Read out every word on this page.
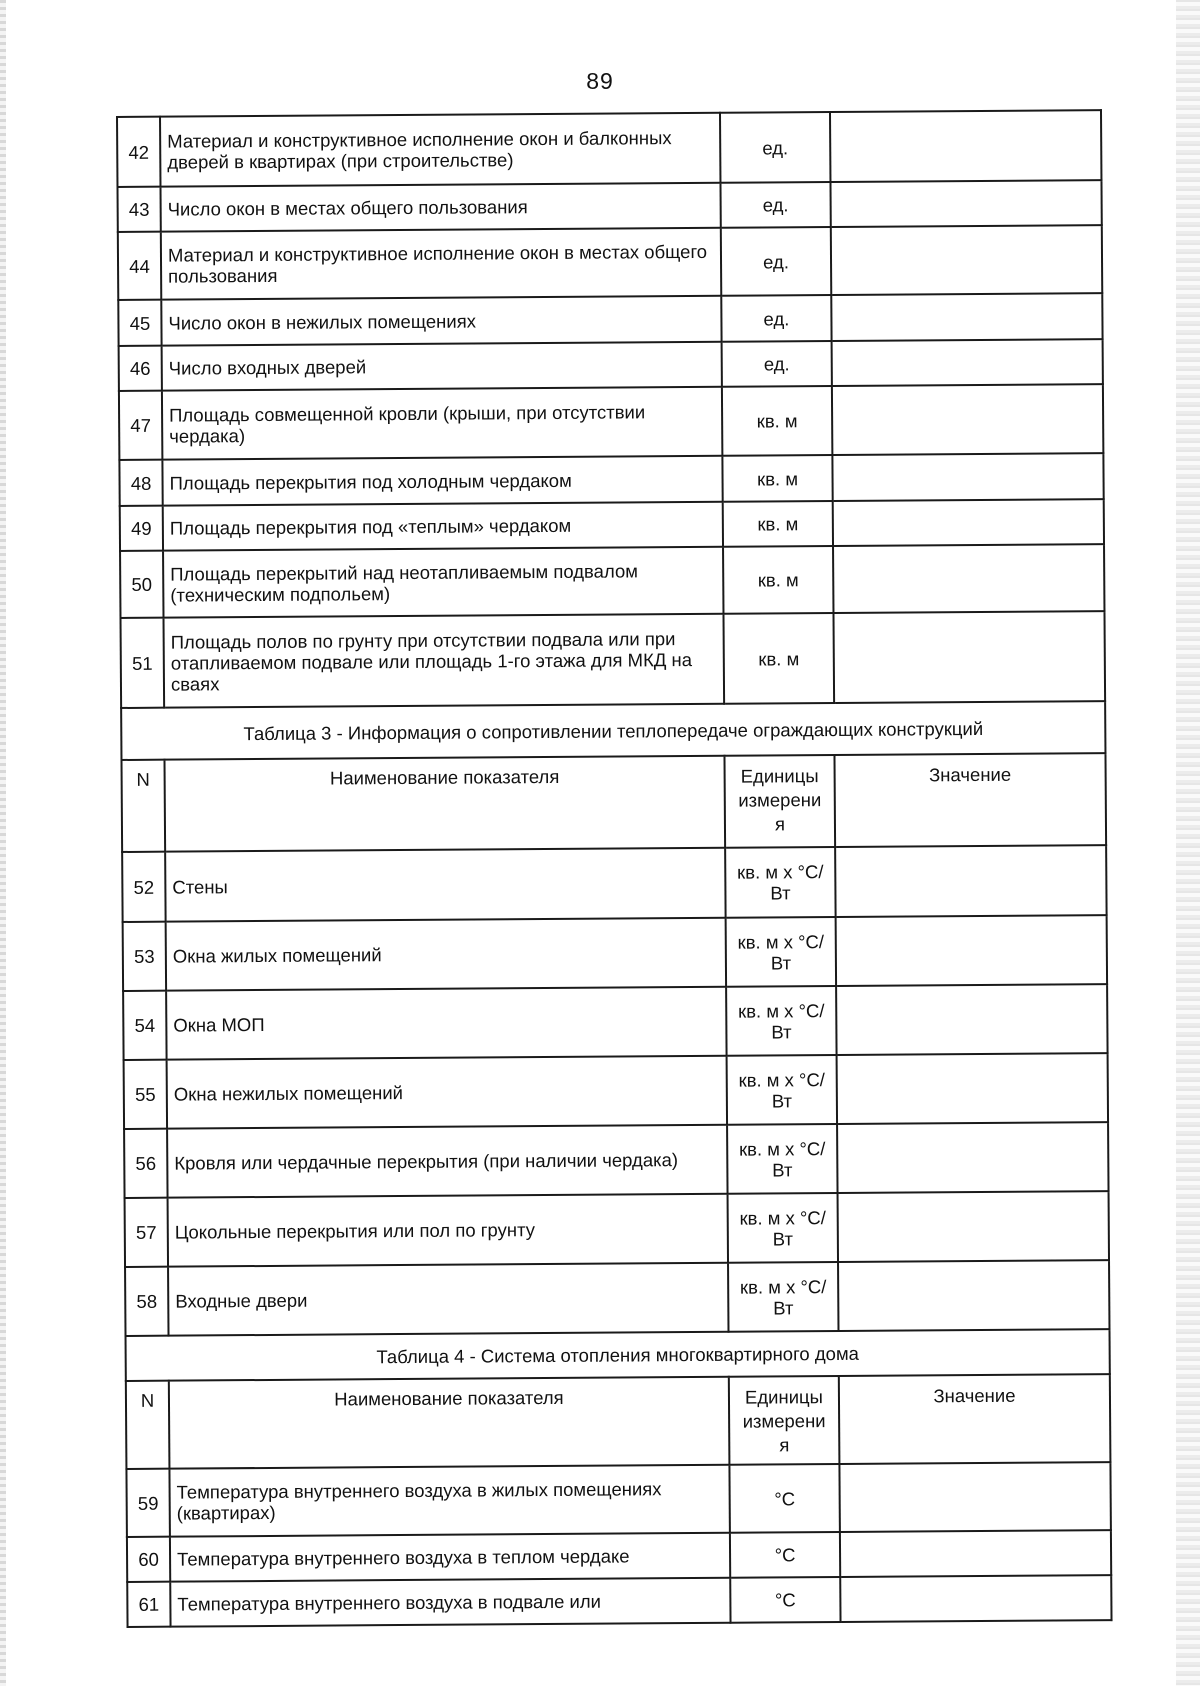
89
42	Материал и конструктивное исполнение окон и балконных дверей в квартирах (при строительстве)	ед.	
43	Число окон в местах общего пользования	ед.	
44	Материал и конструктивное исполнение окон в местах общего пользования	ед.	
45	Число окон в нежилых помещениях	ед.	
46	Число входных дверей	ед.	
47	Площадь совмещенной кровли (крыши, при отсутствии чердака)	кв. м	
48	Площадь перекрытия под холодным чердаком	кв. м	
49	Площадь перекрытия под «теплым» чердаком	кв. м	
50	Площадь перекрытий над неотапливаемым подвалом (техническим подпольем)	кв. м	
51	Площадь полов по грунту при отсутствии подвала или при отапливаемом подвале или площадь 1-го этажа для МКД на сваях	кв. м	
Таблица 3 - Информация о сопротивлении теплопередаче ограждающих конструкций			
N	Наименование показателя	Единицы измерени я	Значение
52	Стены	кв. м x °C/ Вт	
53	Окна жилых помещений	кв. м x °C/ Вт	
54	Окна МОП	кв. м x °C/ Вт	
55	Окна нежилых помещений	кв. м x °C/ Вт	
56	Кровля или чердачные перекрытия (при наличии чердака)	кв. м x °C/ Вт	
57	Цокольные перекрытия или пол по грунту	кв. м x °C/ Вт	
58	Входные двери	кв. м x °C/ Вт	
Таблица 4 - Система отопления многоквартирного дома			
N	Наименование показателя	Единицы измерени я	Значение
59	Температура внутреннего воздуха в жилых помещениях (квартирах)	°C	
60	Температура внутреннего воздуха в теплом чердаке	°C	
61	Температура внутреннего воздуха в подвале или	°C	
